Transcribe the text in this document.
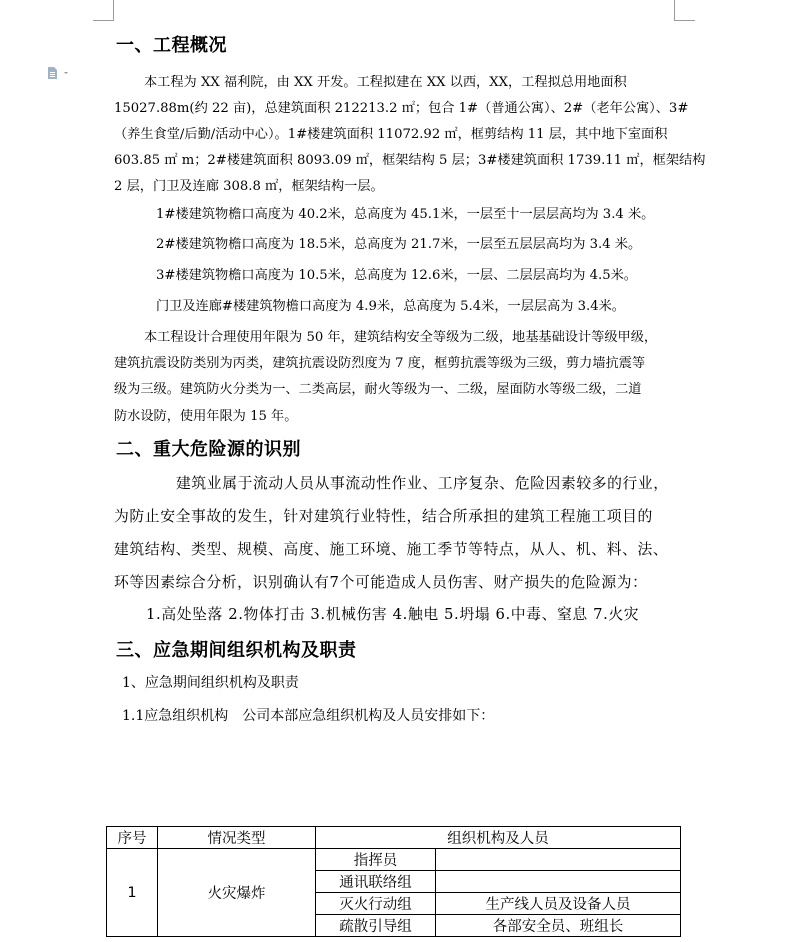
一、工程概况
本工程为 XX 福利院，由 XX 开发。工程拟建在 XX 以西，XX，工程拟总用地面积
15027.88m(约 22 亩)，总建筑面积 212213.2 ㎡；包合 1#（普通公寓）、2#（老年公寓）、3#
（养生食堂/后勤/活动中心）。1#楼建筑面积 11072.92 ㎡，框剪结构 11 层，其中地下室面积
603.85 ㎡ m；2#楼建筑面积 8093.09 ㎡，框架结构 5 层；3#楼建筑面积 1739.11 ㎡，框架结构
2 层，门卫及连廊 308.8 ㎡，框架结构一层。
1#楼建筑物檐口高度为 40.2米，总高度为 45.1米，一层至十一层层高均为 3.4 米。
2#楼建筑物檐口高度为 18.5米，总高度为 21.7米，一层至五层层高均为 3.4 米。
3#楼建筑物檐口高度为 10.5米，总高度为 12.6米，一层、二层层高均为 4.5米。
门卫及连廊#楼建筑物檐口高度为 4.9米，总高度为 5.4米，一层层高为 3.4米。
本工程设计合理使用年限为 50 年，建筑结构安全等级为二级，地基基础设计等级甲级，
建筑抗震设防类别为丙类，建筑抗震设防烈度为 7 度，框剪抗震等级为三级，剪力墙抗震等
级为三级。建筑防火分类为一、二类高层，耐火等级为一、二级，屋面防水等级二级，二道
防水设防，使用年限为 15 年。
二、重大危险源的识别
建筑业属于流动人员从事流动性作业、工序复杂、危险因素较多的行业，
为防止安全事故的发生，针对建筑行业特性，结合所承担的建筑工程施工项目的
建筑结构、类型、规模、高度、施工环境、施工季节等特点，从人、机、料、法、
环等因素综合分析，识别确认有7个可能造成人员伤害、财产损失的危险源为：
1.高处坠落 2.物体打击 3.机械伤害 4.触电 5.坍塌 6.中毒、窒息 7.火灾
三、应急期间组织机构及职责
1、应急期间组织机构及职责
1.1应急组织机构　公司本部应急组织机构及人员安排如下：
序号	情况类型	组织机构及人员	
1	火灾爆炸	指挥员	
		通讯联络组	
		灭火行动组	生产线人员及设备人员
		疏散引导组	各部安全员、班组长
